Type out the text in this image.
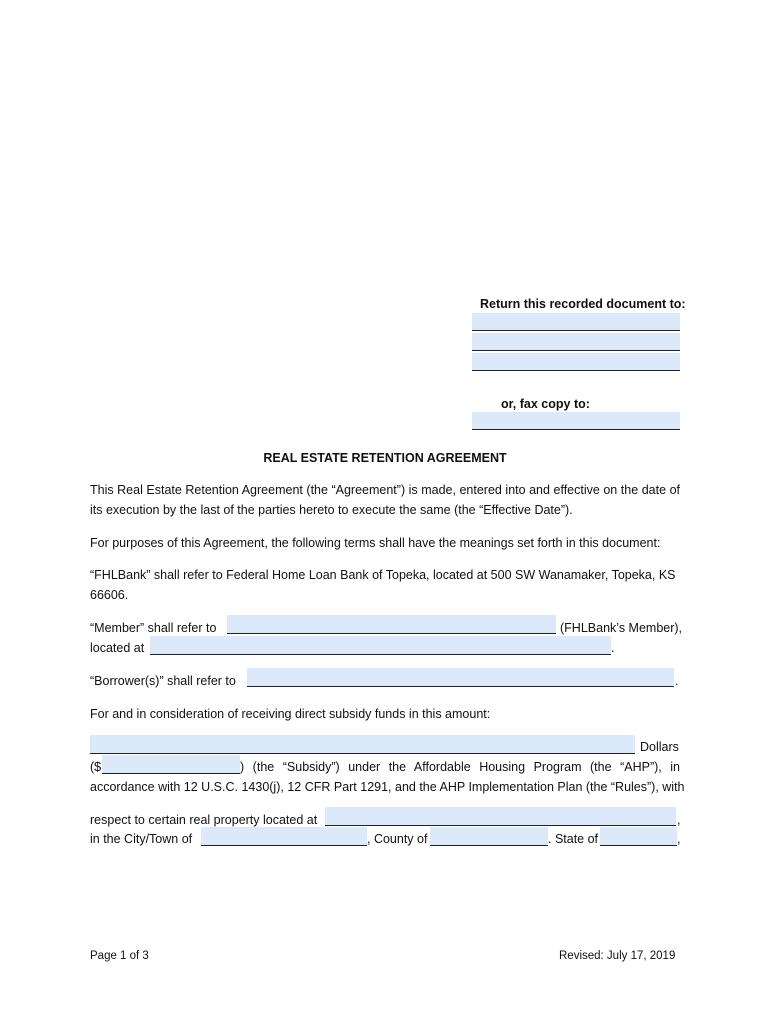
Return this recorded document to:
or, fax copy to:
REAL ESTATE RETENTION AGREEMENT
This Real Estate Retention Agreement (the “Agreement”) is made, entered into and effective on the date of its execution by the last of the parties hereto to execute the same (the “Effective Date”).
For purposes of this Agreement, the following terms shall have the meanings set forth in this document:
“FHLBank” shall refer to Federal Home Loan Bank of Topeka, located at 500 SW Wanamaker, Topeka, KS 66606.
“Member” shall refer to	(FHLBank’s Member),
located at	.
“Borrower(s)” shall refer to	.
For and in consideration of receiving direct subsidy funds in this amount:
Dollars
($	) (the “Subsidy”) under the Affordable Housing Program (the “AHP”), in
accordance with 12 U.S.C. 1430(j), 12 CFR Part 1291, and the AHP Implementation Plan (the “Rules”), with
respect to certain real property located at	,
in the City/Town of	, County of	. State of	,
Page 1 of 3	Revised: July 17, 2019
